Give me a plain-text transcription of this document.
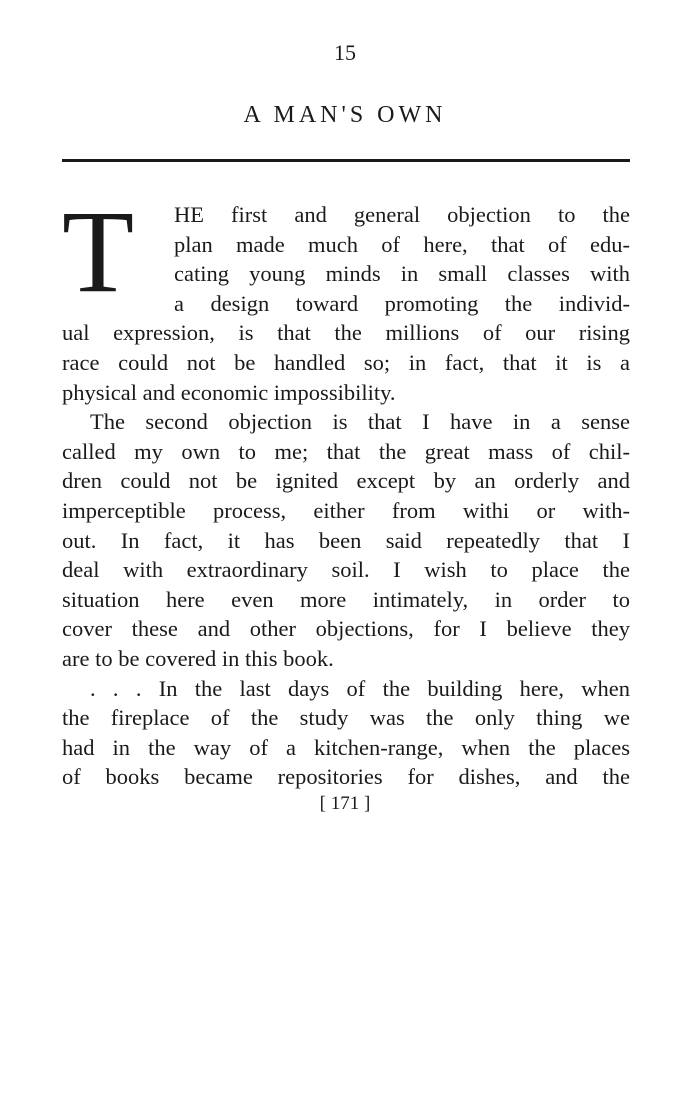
15
A MAN'S OWN
T HE first and general objection to the
plan made much of here, that of edu-
cating young minds in small classes with
a design toward promoting the individ-
ual expression, is that the millions of our rising
race could not be handled so; in fact, that it is a
physical and economic impossibility.
The second objection is that I have in a sense
called my own to me; that the great mass of chil-
dren could not be ignited except by an orderly and
imperceptible process, either from withi or with-
out. In fact, it has been said repeatedly that I
deal with extraordinary soil. I wish to place the
situation here even more intimately, in order to
cover these and other objections, for I believe they
are to be covered in this book.
. . . In the last days of the building here, when
the fireplace of the study was the only thing we
had in the way of a kitchen-range, when the places
of books became repositories for dishes, and the
[ 171 ]
